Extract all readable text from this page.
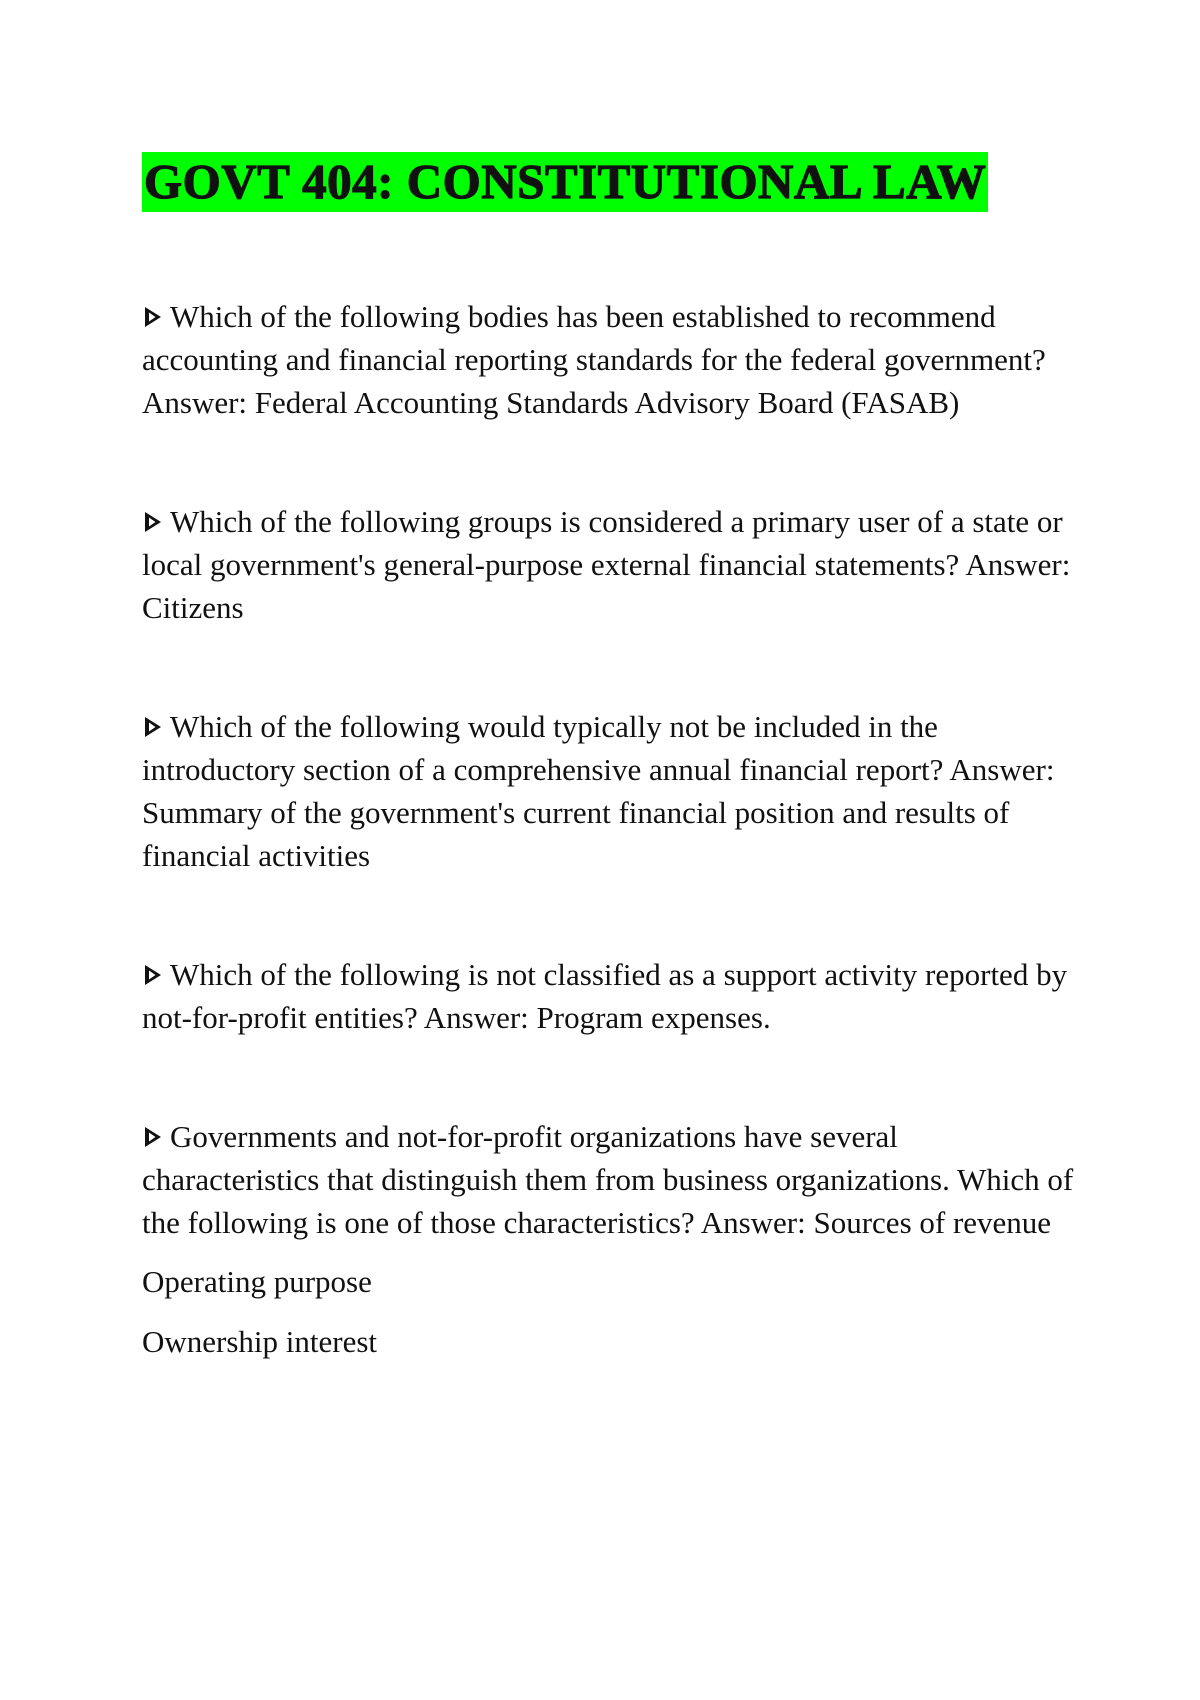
GOVT 404: CONSTITUTIONAL LAW

Which of the following bodies has been established to recommend accounting and financial reporting standards for the federal government? Answer: Federal Accounting Standards Advisory Board (FASAB)

Which of the following groups is considered a primary user of a state or local government's general-purpose external financial statements? Answer: Citizens

Which of the following would typically not be included in the introductory section of a comprehensive annual financial report? Answer: Summary of the government's current financial position and results of financial activities

Which of the following is not classified as a support activity reported by not-for-profit entities? Answer: Program expenses.

Governments and not-for-profit organizations have several characteristics that distinguish them from business organizations. Which of the following is one of those characteristics? Answer: Sources of revenue

Operating purpose

Ownership interest
